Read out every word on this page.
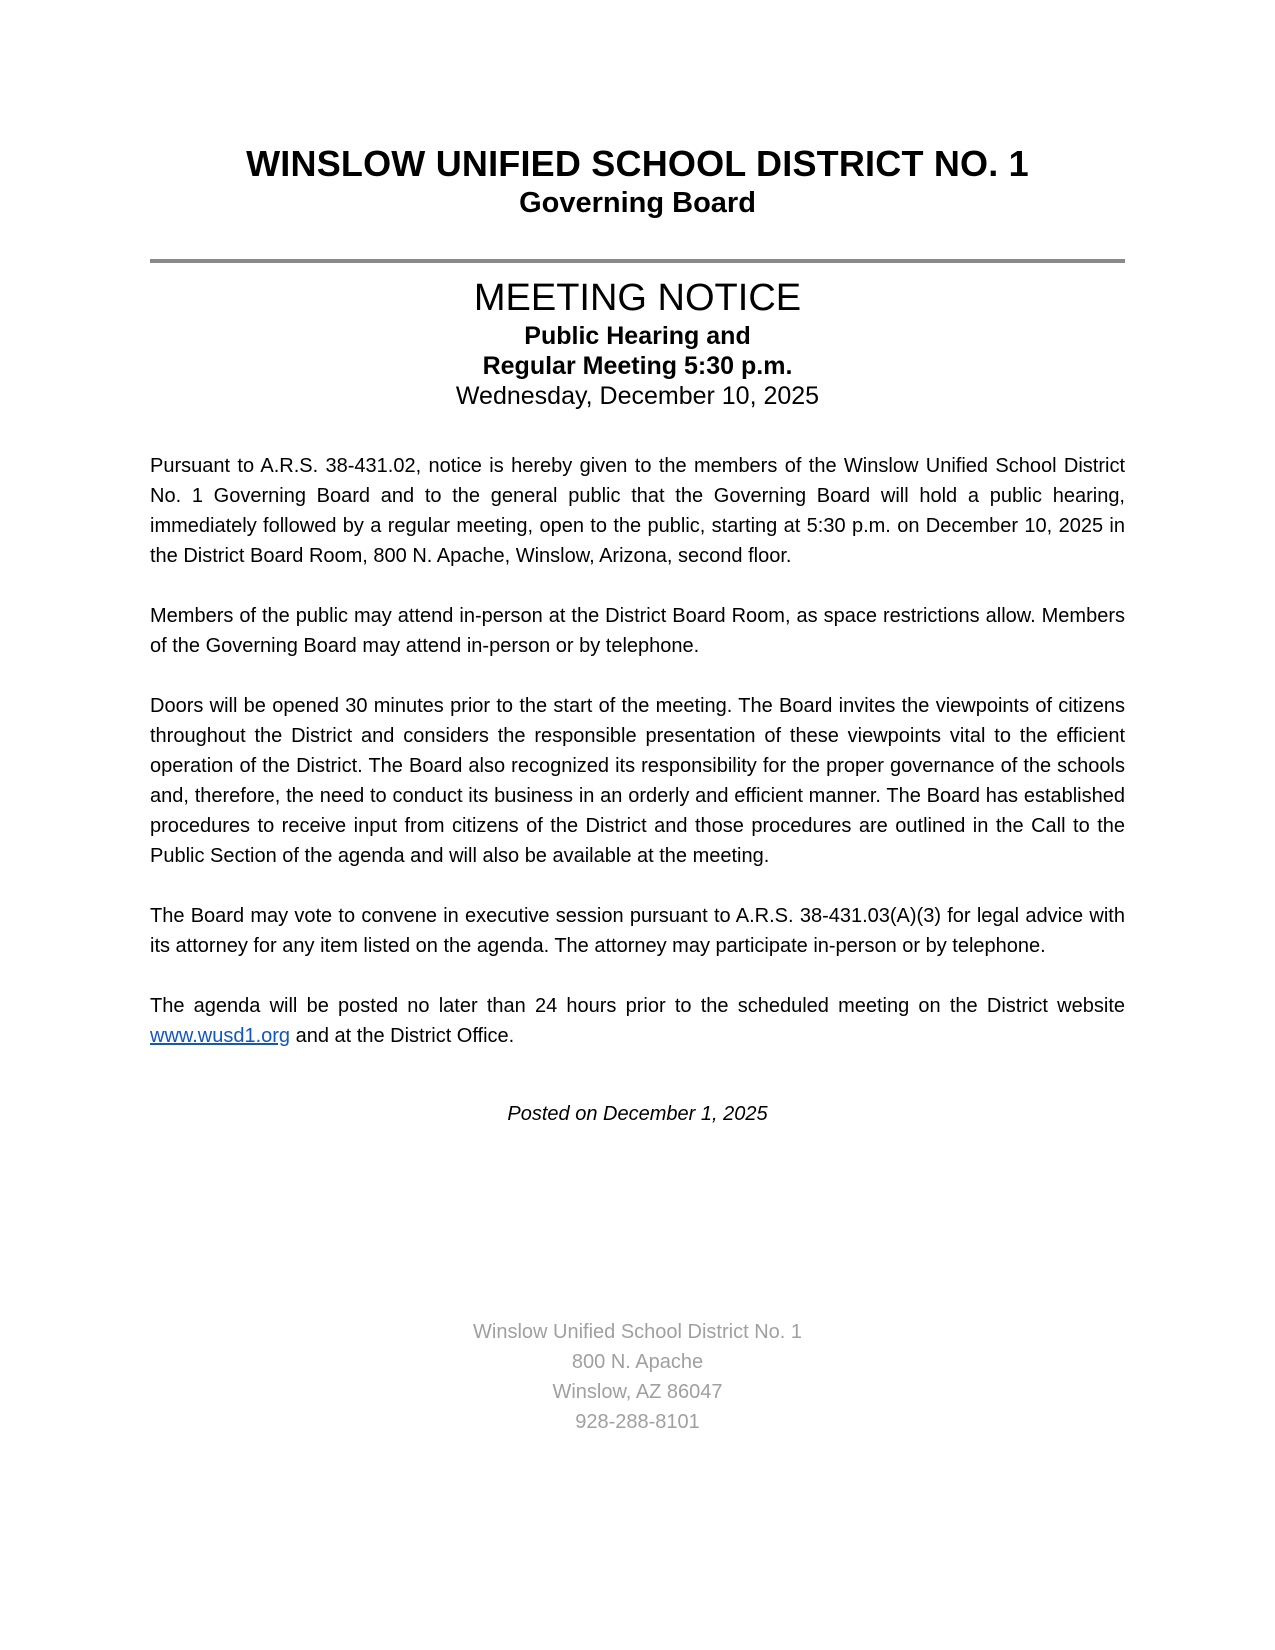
WINSLOW UNIFIED SCHOOL DISTRICT NO. 1
Governing Board
MEETING NOTICE
Public Hearing and
Regular Meeting 5:30 p.m.
Wednesday, December 10, 2025

Pursuant to A.R.S. 38-431.02, notice is hereby given to the members of the Winslow Unified School District No. 1 Governing Board and to the general public that the Governing Board will hold a public hearing, immediately followed by a regular meeting, open to the public, starting at 5:30 p.m. on December 10, 2025 in the District Board Room, 800 N. Apache, Winslow, Arizona, second floor.

Members of the public may attend in-person at the District Board Room, as space restrictions allow. Members of the Governing Board may attend in-person or by telephone.

Doors will be opened 30 minutes prior to the start of the meeting. The Board invites the viewpoints of citizens throughout the District and considers the responsible presentation of these viewpoints vital to the efficient operation of the District. The Board also recognized its responsibility for the proper governance of the schools and, therefore, the need to conduct its business in an orderly and efficient manner. The Board has established procedures to receive input from citizens of the District and those procedures are outlined in the Call to the Public Section of the agenda and will also be available at the meeting.

The Board may vote to convene in executive session pursuant to A.R.S. 38-431.03(A)(3) for legal advice with its attorney for any item listed on the agenda. The attorney may participate in-person or by telephone.

The agenda will be posted no later than 24 hours prior to the scheduled meeting on the District website www.wusd1.org and at the District Office.

Posted on December 1, 2025
Winslow Unified School District No. 1
800 N. Apache
Winslow, AZ 86047
928-288-8101
